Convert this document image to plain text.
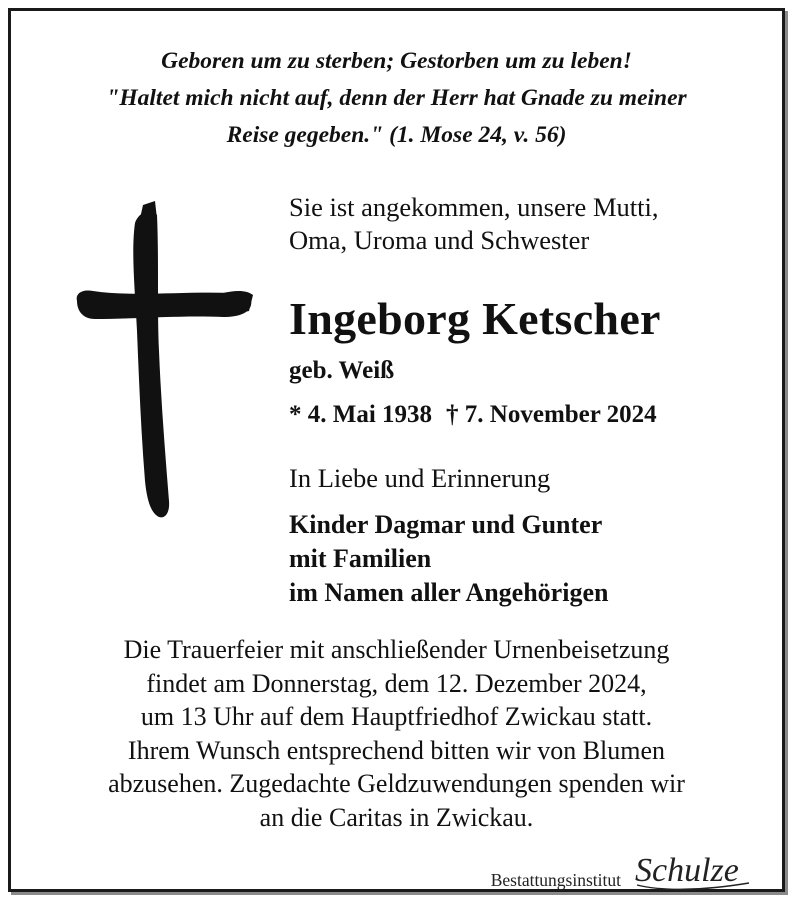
Geboren um zu sterben; Gestorben um zu leben!
"Haltet mich nicht auf, denn der Herr hat Gnade zu meiner
Reise gegeben." (1. Mose 24, v. 56)
Sie ist angekommen, unsere Mutti,
Oma, Uroma und Schwester
Ingeborg Ketscher
geb. Weiß
* 4. Mai 1938 † 7. November 2024
In Liebe und Erinnerung
Kinder Dagmar und Gunter
mit Familien
im Namen aller Angehörigen
Die Trauerfeier mit anschließender Urnenbeisetzung
findet am Donnerstag, dem 12. Dezember 2024,
um 13 Uhr auf dem Hauptfriedhof Zwickau statt.
Ihrem Wunsch entsprechend bitten wir von Blumen
abzusehen. Zugedachte Geldzuwendungen spenden wir
an die Caritas in Zwickau.
Bestattungsinstitut Schulze
